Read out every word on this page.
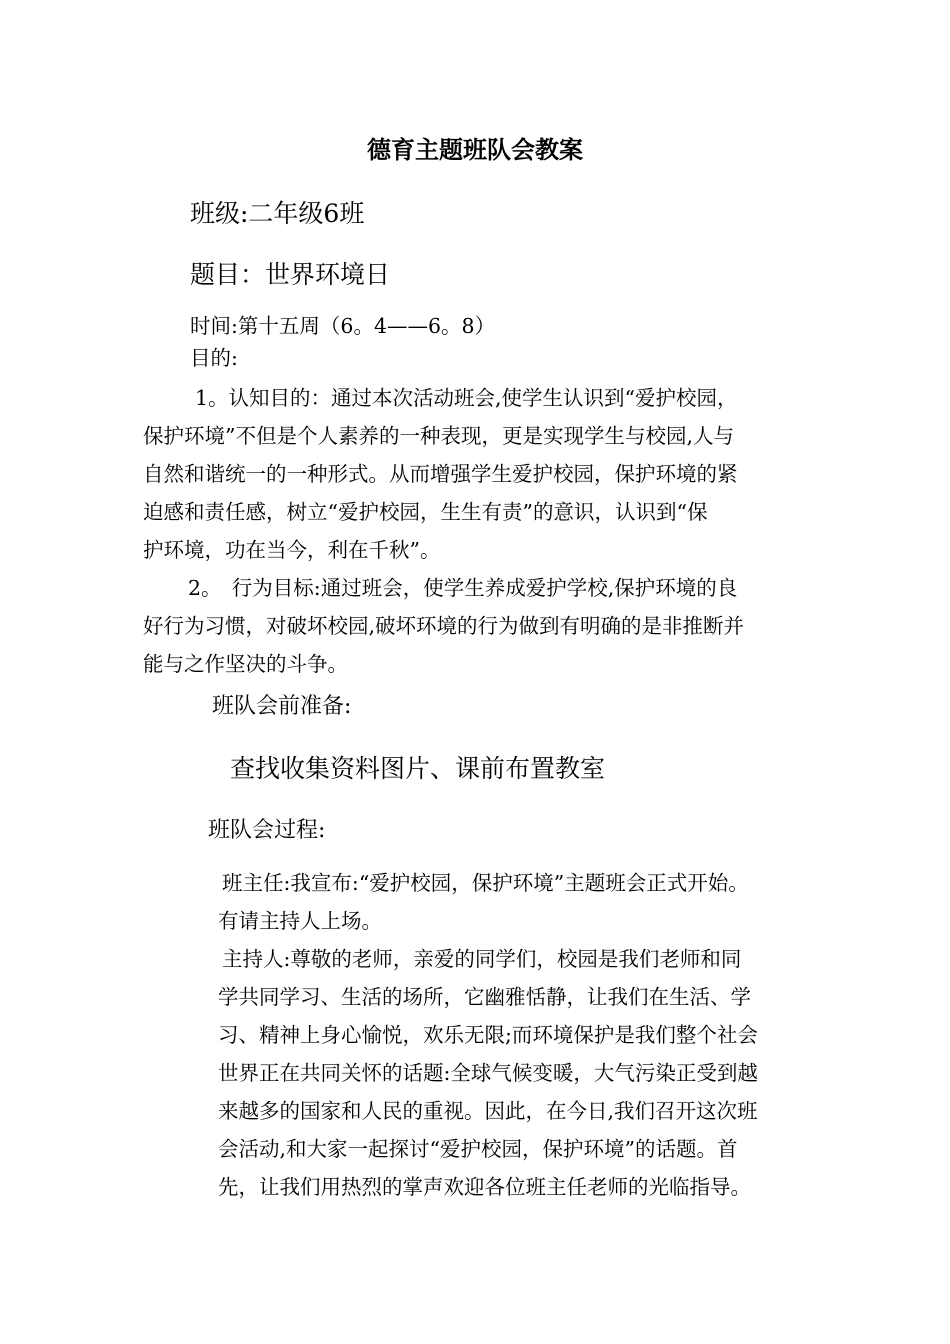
德育主题班队会教案

班级:二年级6班

题目：世界环境日

时间:第十五周（6。4——6。8）

目的:

1。认知目的：通过本次活动班会,使学生认识到“爱护校园，
保护环境”不但是个人素养的一种表现，更是实现学生与校园,人与
自然和谐统一的一种形式。从而增强学生爱护校园，保护环境的紧
迫感和责任感，树立“爱护校园，生生有责”的意识，认识到“保
护环境，功在当今，利在千秋”。
2。　行为目标:通过班会，使学生养成爱护学校,保护环境的良
好行为习惯，对破坏校园,破坏环境的行为做到有明确的是非推断并
能与之作坚决的斗争。

班队会前准备:

查找收集资料图片、课前布置教室

班队会过程:

班主任:我宣布:“爱护校园，保护环境”主题班会正式开始。
有请主持人上场。
主持人:尊敬的老师，亲爱的同学们，校园是我们老师和同
学共同学习、生活的场所，它幽雅恬静，让我们在生活、学
习、精神上身心愉悦，欢乐无限;而环境保护是我们整个社会
世界正在共同关怀的话题:全球气候变暖，大气污染正受到越
来越多的国家和人民的重视。因此，在今日,我们召开这次班
会活动,和大家一起探讨“爱护校园，保护环境”的话题。首
先，让我们用热烈的掌声欢迎各位班主任老师的光临指导。
